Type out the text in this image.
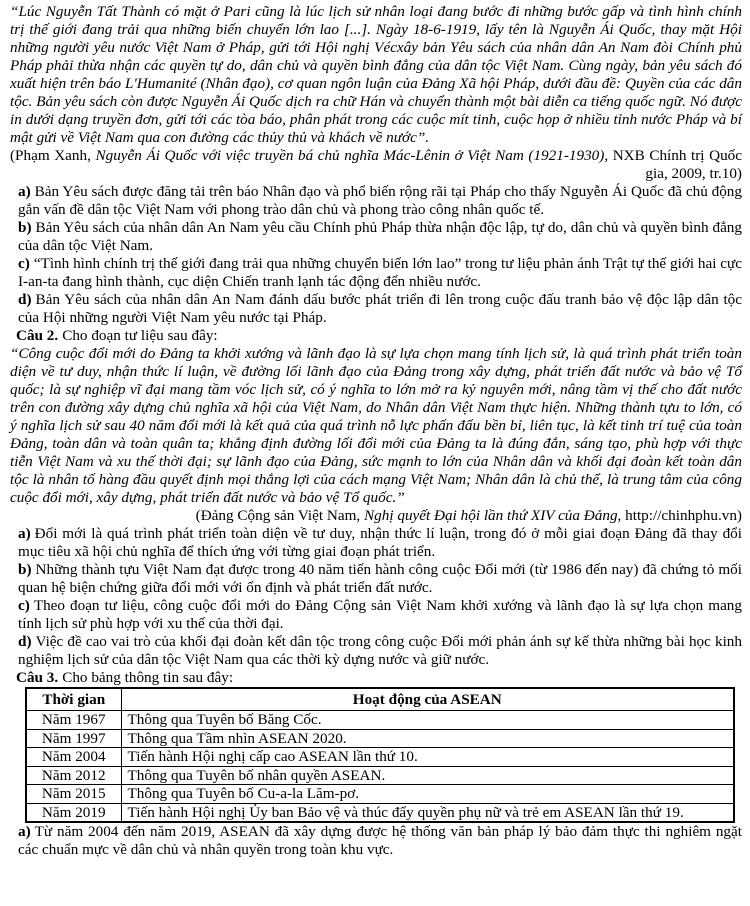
“Lúc Nguyễn Tất Thành có mặt ở Pari cũng là lúc lịch sử nhân loại đang bước đi những bước gấp và tình hình chính trị thế giới đang trải qua những biến chuyển lớn lao [...]. Ngày 18-6-1919, lấy tên là Nguyễn Ái Quốc, thay mặt Hội những người yêu nước Việt Nam ở Pháp, gửi tới Hội nghị Vécxây bản Yêu sách của nhân dân An Nam đòi Chính phủ Pháp phải thừa nhận các quyền tự do, dân chủ và quyền bình đẳng của dân tộc Việt Nam. Cùng ngày, bản yêu sách đó xuất hiện trên báo L'Humanité (Nhân đạo), cơ quan ngôn luận của Đảng Xã hội Pháp, dưới đầu đề: Quyền của các dân tộc. Bản yêu sách còn được Nguyễn Ái Quốc dịch ra chữ Hán và chuyển thành một bài diễn ca tiếng quốc ngữ. Nó được in dưới dạng truyền đơn, gửi tới các tòa báo, phân phát trong các cuộc mít tinh, cuộc họp ở nhiều tỉnh nước Pháp và bí mật gửi về Việt Nam qua con đường các thủy thủ và khách về nước”.

(Phạm Xanh, Nguyễn Ái Quốc với việc truyền bá chủ nghĩa Mác-Lênin ở Việt Nam (1921-1930), NXB Chính trị Quốc gia, 2009, tr.10)

a) Bản Yêu sách được đăng tải trên báo Nhân đạo và phổ biến rộng rãi tại Pháp cho thấy Nguyễn Ái Quốc đã chủ động gắn vấn đề dân tộc Việt Nam với phong trào dân chủ và phong trào công nhân quốc tế.

b) Bản Yêu sách của nhân dân An Nam yêu cầu Chính phủ Pháp thừa nhận độc lập, tự do, dân chủ và quyền bình đẳng của dân tộc Việt Nam.

c) “Tình hình chính trị thế giới đang trải qua những chuyển biến lớn lao” trong tư liệu phản ánh Trật tự thế giới hai cực I-an-ta đang hình thành, cục diện Chiến tranh lạnh tác động đến nhiều nước.

d) Bản Yêu sách của nhân dân An Nam đánh dấu bước phát triển đi lên trong cuộc đấu tranh bảo vệ độc lập dân tộc của Hội những người Việt Nam yêu nước tại Pháp.

Câu 2. Cho đoạn tư liệu sau đây:

“Công cuộc đổi mới do Đảng ta khởi xướng và lãnh đạo là sự lựa chọn mang tính lịch sử, là quá trình phát triển toàn diện về tư duy, nhận thức lí luận, về đường lối lãnh đạo của Đảng trong xây dựng, phát triển đất nước và bảo vệ Tổ quốc; là sự nghiệp vĩ đại mang tầm vóc lịch sử, có ý nghĩa to lớn mở ra kỷ nguyên mới, nâng tầm vị thế cho đất nước trên con đường xây dựng chủ nghĩa xã hội của Việt Nam, do Nhân dân Việt Nam thực hiện. Những thành tựu to lớn, có ý nghĩa lịch sử sau 40 năm đổi mới là kết quả của quá trình nỗ lực phấn đấu bền bỉ, liên tục, là kết tinh trí tuệ của toàn Đảng, toàn dân và toàn quân ta; khẳng định đường lối đổi mới của Đảng ta là đúng đắn, sáng tạo, phù hợp với thực tiễn Việt Nam và xu thế thời đại; sự lãnh đạo của Đảng, sức mạnh to lớn của Nhân dân và khối đại đoàn kết toàn dân tộc là nhân tố hàng đầu quyết định mọi thắng lợi của cách mạng Việt Nam; Nhân dân là chủ thể, là trung tâm của công cuộc đổi mới, xây dựng, phát triển đất nước và bảo vệ Tổ quốc.”

(Đảng Cộng sản Việt Nam, Nghị quyết Đại hội lần thứ XIV của Đảng, http://chinhphu.vn)

a) Đổi mới là quá trình phát triển toàn diện về tư duy, nhận thức lí luận, trong đó ở mỗi giai đoạn Đảng đã thay đổi mục tiêu xã hội chủ nghĩa để thích ứng với từng giai đoạn phát triển.

b) Những thành tựu Việt Nam đạt được trong 40 năm tiến hành công cuộc Đổi mới (từ 1986 đến nay) đã chứng tỏ mối quan hệ biện chứng giữa đổi mới với ổn định và phát triển đất nước.

c) Theo đoạn tư liệu, công cuộc đổi mới do Đảng Cộng sản Việt Nam khởi xướng và lãnh đạo là sự lựa chọn mang tính lịch sử phù hợp với xu thế của thời đại.

d) Việc đề cao vai trò của khối đại đoàn kết dân tộc trong công cuộc Đổi mới phản ánh sự kế thừa những bài học kinh nghiệm lịch sử của dân tộc Việt Nam qua các thời kỳ dựng nước và giữ nước.

Câu 3. Cho bảng thông tin sau đây:

Thời gian	Hoạt động của ASEAN
Năm 1967	Thông qua Tuyên bố Băng Cốc.
Năm 1997	Thông qua Tầm nhìn ASEAN 2020.
Năm 2004	Tiến hành Hội nghị cấp cao ASEAN lần thứ 10.
Năm 2012	Thông qua Tuyên bố nhân quyền ASEAN.
Năm 2015	Thông qua Tuyên bố Cu-a-la Lăm-pơ.
Năm 2019	Tiến hành Hội nghị Ủy ban Bảo vệ và thúc đẩy quyền phụ nữ và trẻ em ASEAN lần thứ 19.

a) Từ năm 2004 đến năm 2019, ASEAN đã xây dựng được hệ thống văn bản pháp lý bảo đảm thực thi nghiêm ngặt các chuẩn mực về dân chủ và nhân quyền trong toàn khu vực.
